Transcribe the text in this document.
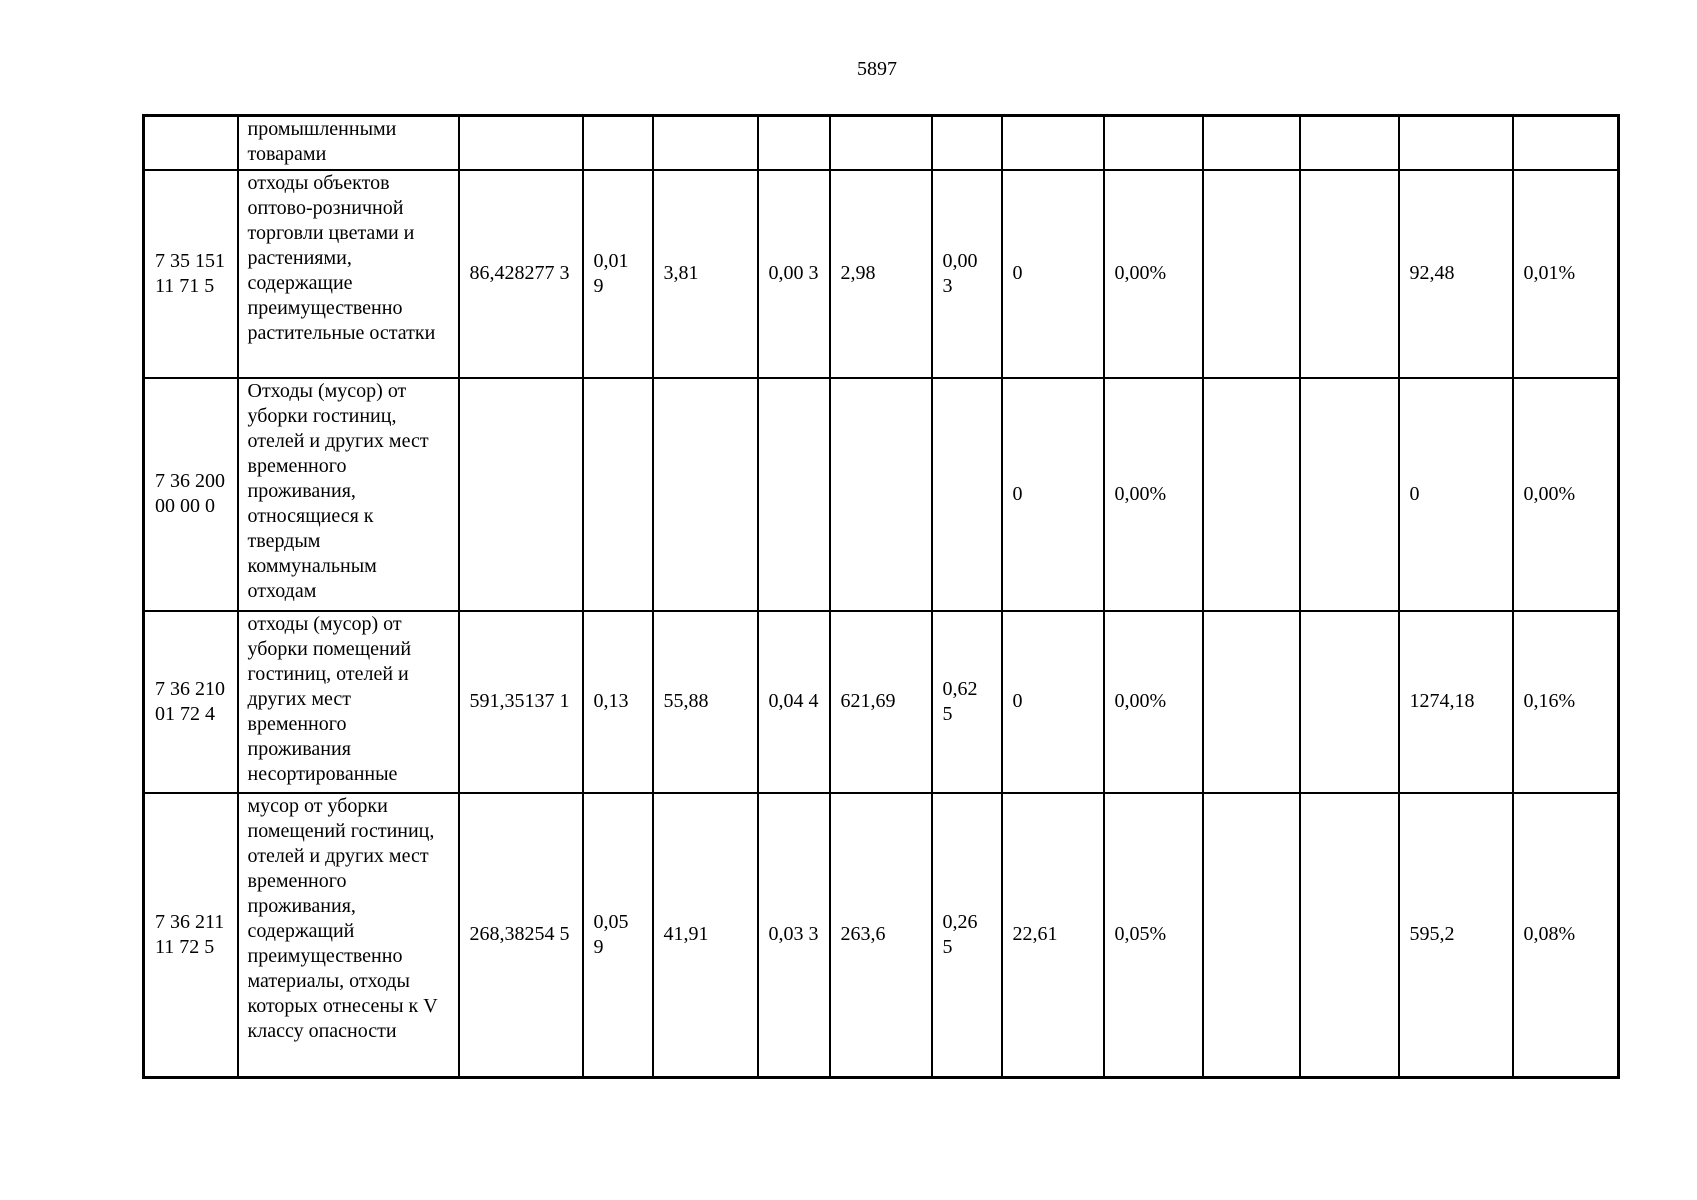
5897
	промышленными товарами												
7 35 151 11 71 5	отходы объектов оптово-розничной торговли цветами и растениями, содержащие преимущественно растительные остатки	86,428277 3	0,01 9	3,81	0,00 3	2,98	0,00 3	0	0,00%			92,48	0,01%
7 36 200 00 00 0	Отходы (мусор) от уборки гостиниц, отелей и других мест временного проживания, относящиеся к твердым коммунальным отходам							0	0,00%			0	0,00%
7 36 210 01 72 4	отходы (мусор) от уборки помещений гостиниц, отелей и других мест временного проживания несортированные	591,35137 1	0,13	55,88	0,04 4	621,69	0,62 5	0	0,00%			1274,18	0,16%
7 36 211 11 72 5	мусор от уборки помещений гостиниц, отелей и других мест временного проживания, содержащий преимущественно материалы, отходы которых отнесены к V классу опасности	268,38254 5	0,05 9	41,91	0,03 3	263,6	0,26 5	22,61	0,05%			595,2	0,08%
